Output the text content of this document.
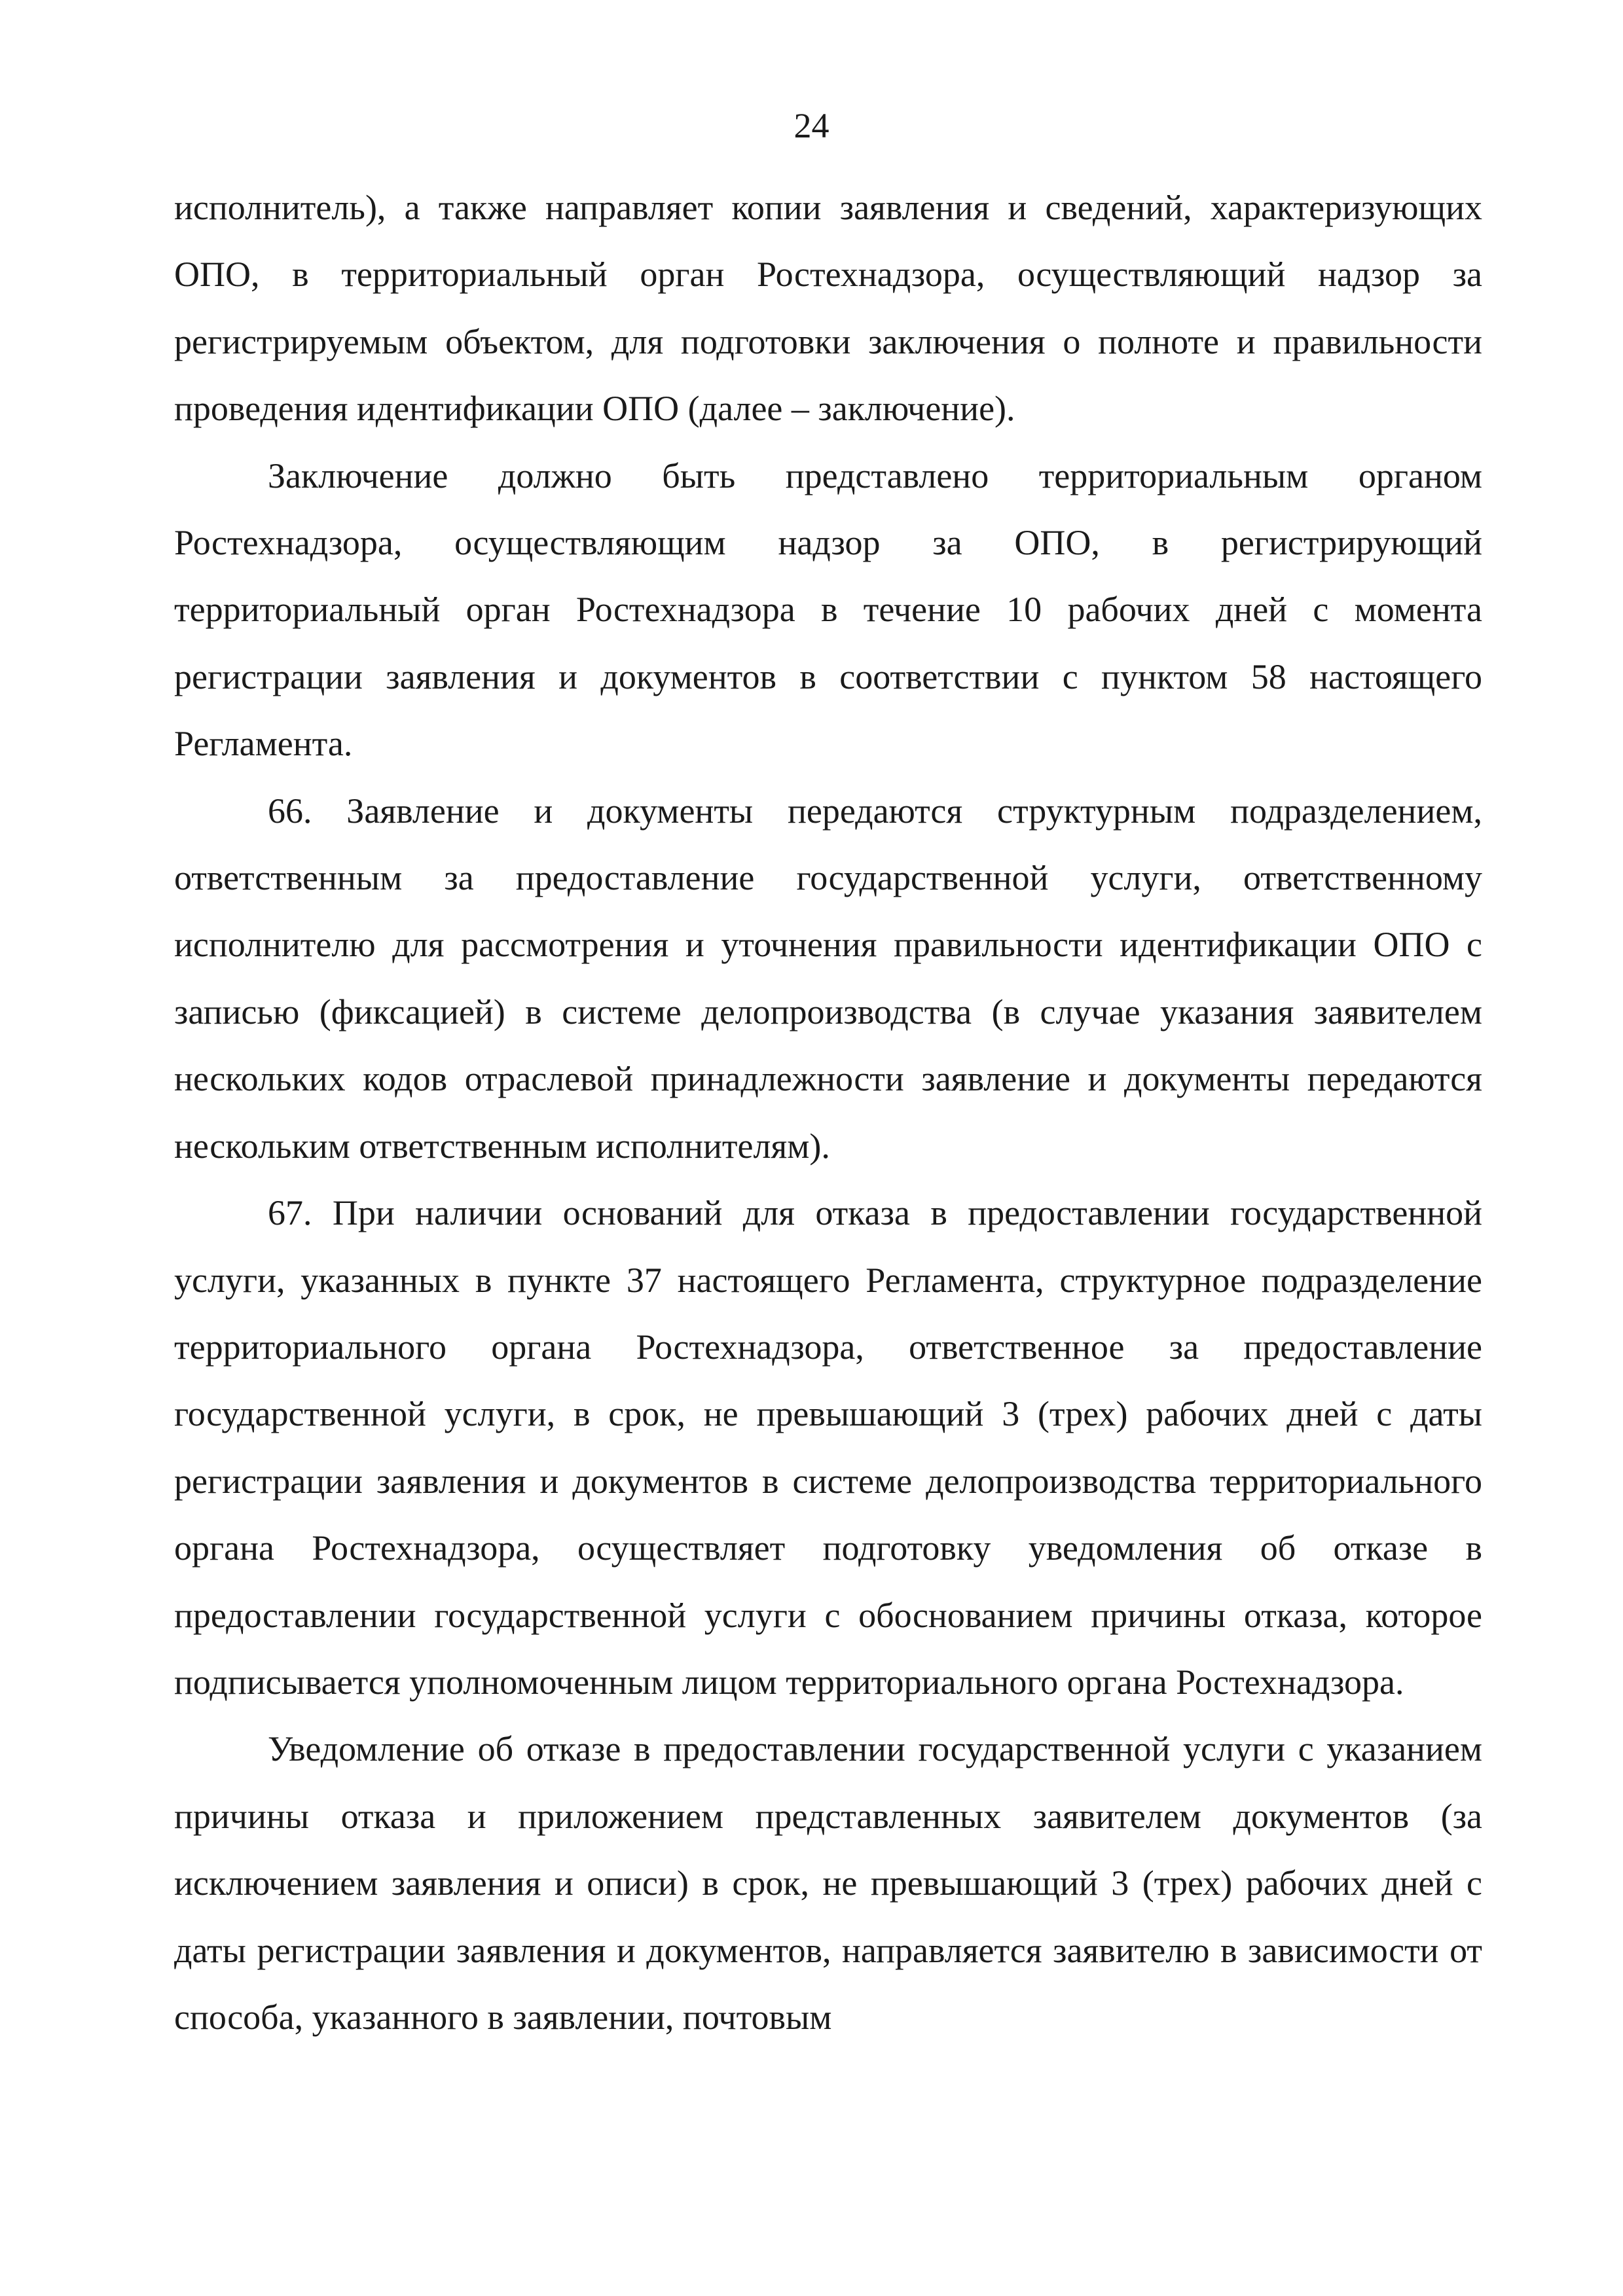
24

исполнитель), а также направляет копии заявления и сведений, характеризующих ОПО, в территориальный орган Ростехнадзора, осуществляющий надзор за регистрируемым объектом, для подготовки заключения о полноте и правильности проведения идентификации ОПО (далее – заключение).

Заключение должно быть представлено территориальным органом Ростехнадзора, осуществляющим надзор за ОПО, в регистрирующий территориальный орган Ростехнадзора в течение 10 рабочих дней с момента регистрации заявления и документов в соответствии с пунктом 58 настоящего Регламента.

66. Заявление и документы передаются структурным подразделением, ответственным за предоставление государственной услуги, ответственному исполнителю для рассмотрения и уточнения правильности идентификации ОПО с записью (фиксацией) в системе делопроизводства (в случае указания заявителем нескольких кодов отраслевой принадлежности заявление и документы передаются нескольким ответственным исполнителям).

67. При наличии оснований для отказа в предоставлении государственной услуги, указанных в пункте 37 настоящего Регламента, структурное подразделение территориального органа Ростехнадзора, ответственное за предоставление государственной услуги, в срок, не превышающий 3 (трех) рабочих дней с даты регистрации заявления и документов в системе делопроизводства территориального органа Ростехнадзора, осуществляет подготовку уведомления об отказе в предоставлении государственной услуги с обоснованием причины отказа, которое подписывается уполномоченным лицом территориального органа Ростехнадзора.

Уведомление об отказе в предоставлении государственной услуги с указанием причины отказа и приложением представленных заявителем документов (за исключением заявления и описи) в срок, не превышающий 3 (трех) рабочих дней с даты регистрации заявления и документов, направляется заявителю в зависимости от способа, указанного в заявлении, почтовым
